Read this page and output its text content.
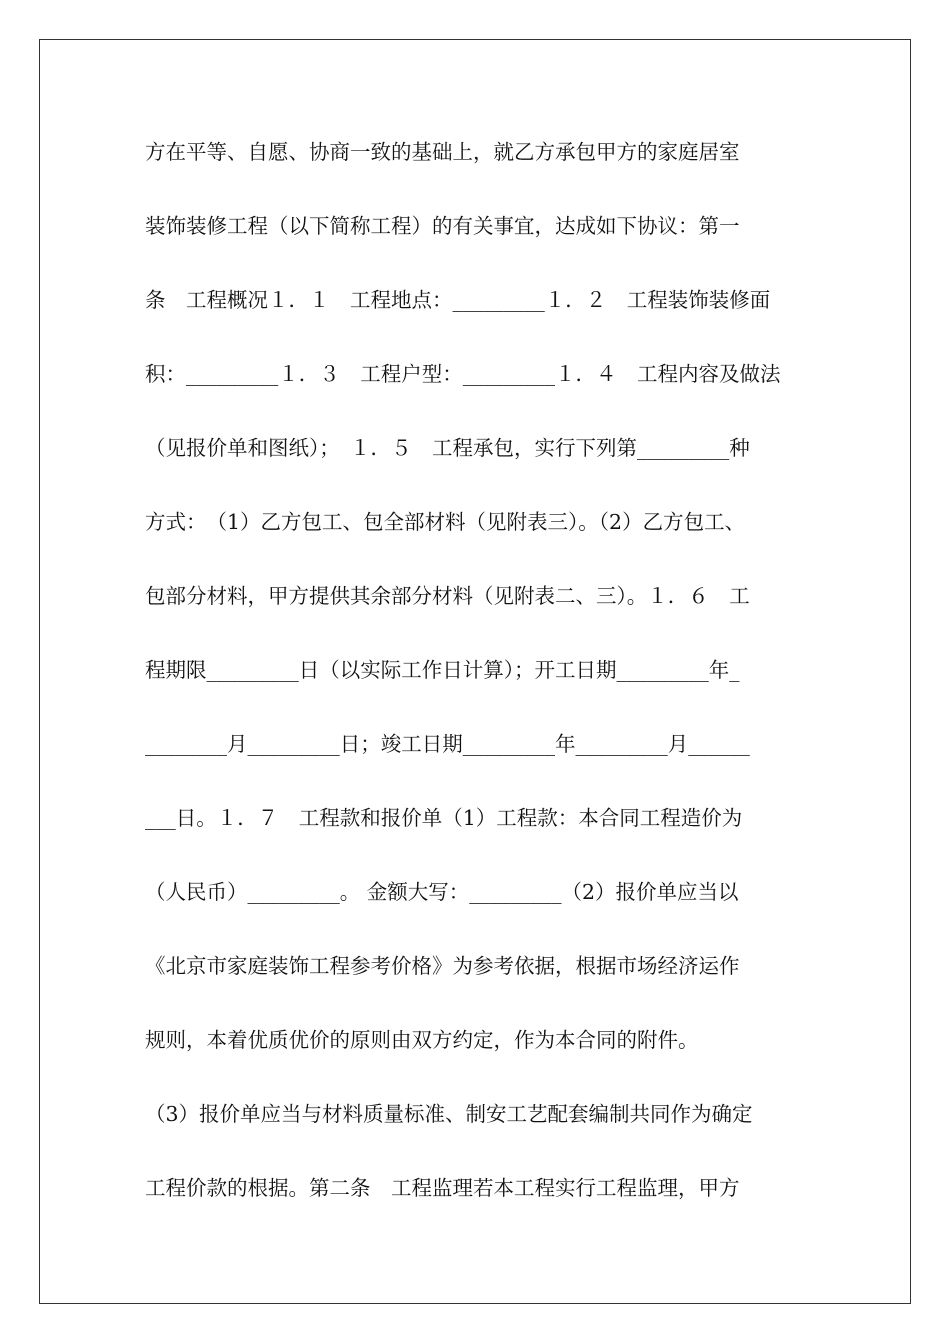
方在平等、自愿、协商一致的基础上，就乙方承包甲方的家庭居室
装饰装修工程（以下简称工程）的有关事宜，达成如下协议：第一
条　工程概况１．１　工程地点：_________１．２　工程装饰装修面
积：_________１．３　工程户型：_________１．４　工程内容及做法
（见报价单和图纸）；　１．５　工程承包，实行下列第_________种
方式：　（1）乙方包工、包全部材料（见附表三）。（2）乙方包工、
包部分材料，甲方提供其余部分材料（见附表二、三）。１．６　工
程期限_________日（以实际工作日计算）；开工日期_________年_
________月_________日；竣工日期_________年_________月______
___日。１．７　工程款和报价单（1）工程款：本合同工程造价为
（人民币）_________。 金额大写：_________（2）报价单应当以
《北京市家庭装饰工程参考价格》为参考依据，根据市场经济运作
规则，本着优质优价的原则由双方约定，作为本合同的附件。
（3）报价单应当与材料质量标准、制安工艺配套编制共同作为确定
工程价款的根据。第二条　工程监理若本工程实行工程监理，甲方
